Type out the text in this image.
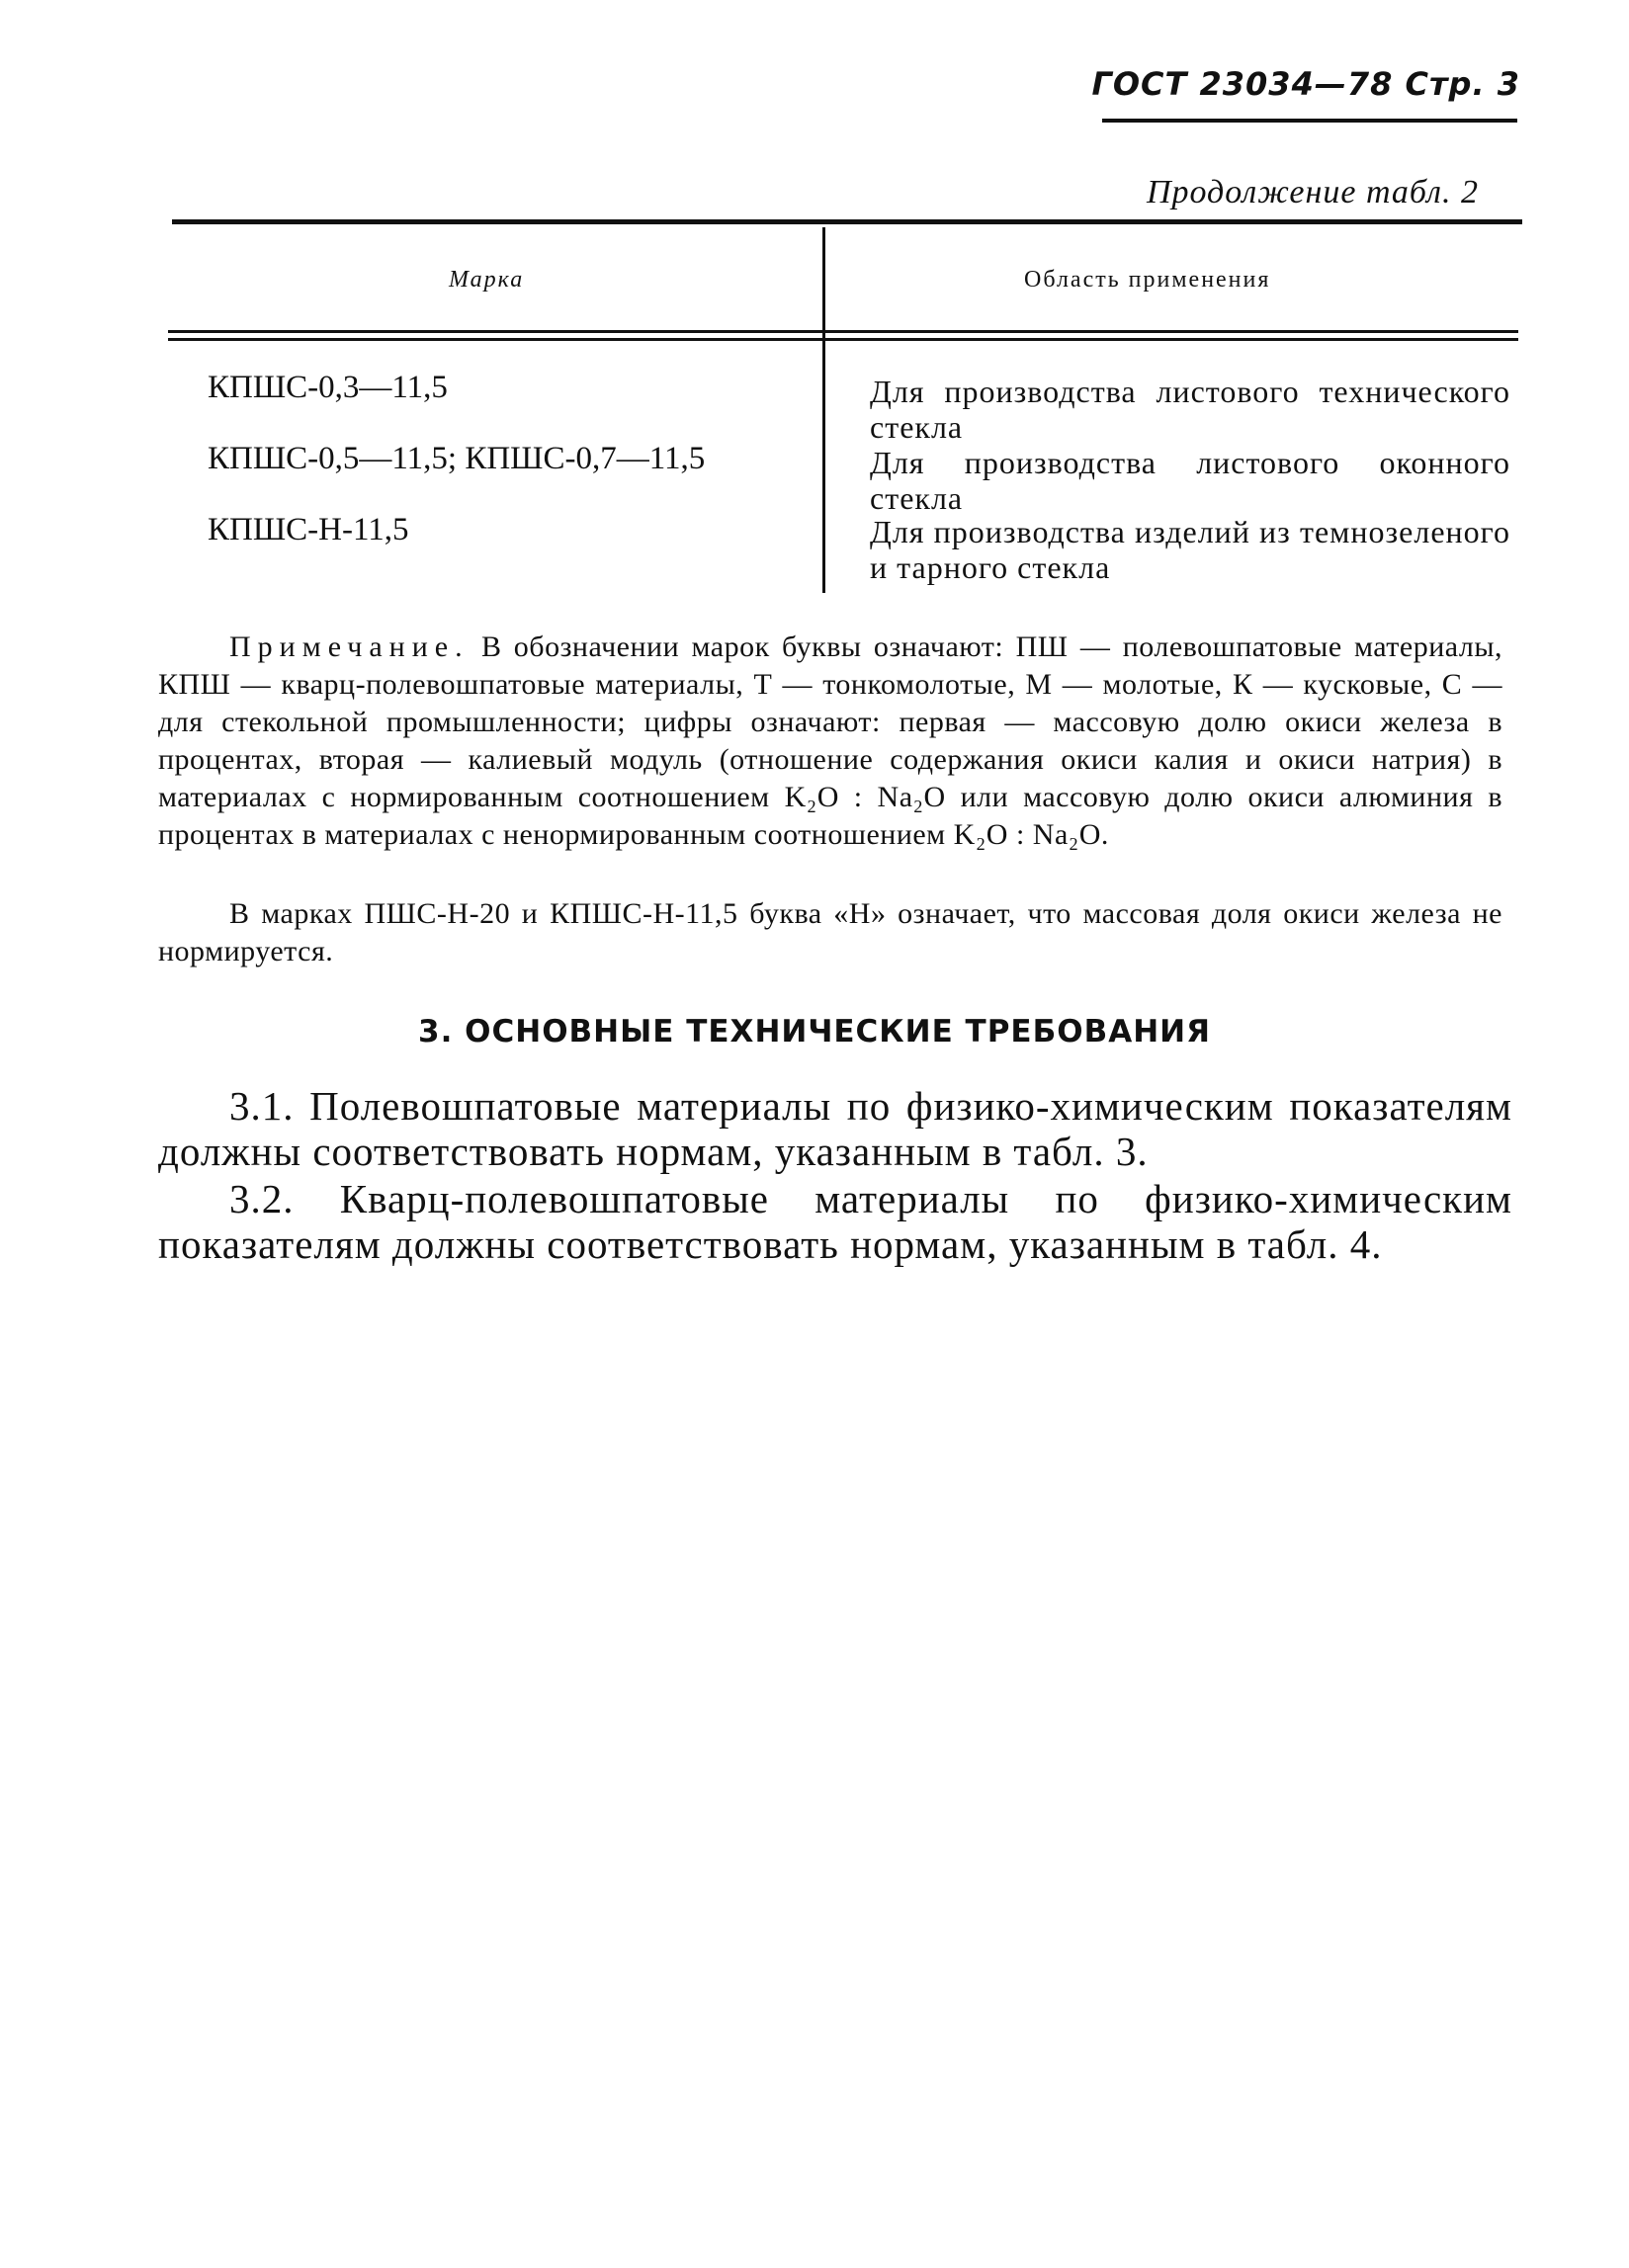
ГОСТ 23034—78 Стр. 3
Продолжение табл. 2
Марка	Область применения
КПШС-0,3—11,5	Для производства листового технического стекла
КПШС-0,5—11,5; КПШС-0,7—11,5	Для производства листового оконного стекла
КПШС-Н-11,5	Для производства изделий из темнозеленого и тарного стекла
Примечание. В обозначении марок буквы означают: ПШ — полевошпатовые материалы, КПШ — кварц-полевошпатовые материалы, Т — тонкомолотые, М — молотые, К — кусковые, С — для стекольной промышленности; цифры означают: первая — массовую долю окиси железа в процентах, вторая — калиевый модуль (отношение содержания окиси калия и окиси натрия) в материалах с нормированным соотношением K₂O : Na₂O или массовую долю окиси алюминия в процентах в материалах с ненормированным соотношением K₂O : Na₂O.
В марках ПШС-Н-20 и КПШС-Н-11,5 буква «Н» означает, что массовая доля окиси железа не нормируется.
3. ОСНОВНЫЕ ТЕХНИЧЕСКИЕ ТРЕБОВАНИЯ
3.1. Полевошпатовые материалы по физико-химическим показателям должны соответствовать нормам, указанным в табл. 3.
3.2. Кварц-полевошпатовые материалы по физико-химическим показателям должны соответствовать нормам, указанным в табл. 4.
